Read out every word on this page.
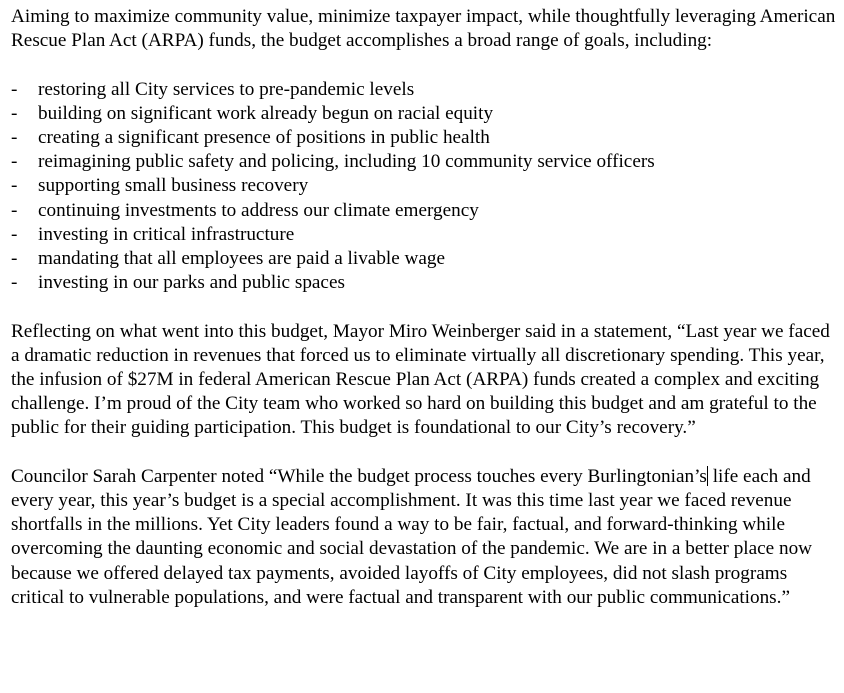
Aiming to maximize community value, minimize taxpayer impact, while thoughtfully leveraging American Rescue Plan Act (ARPA) funds, the budget accomplishes a broad range of goals, including:

- restoring all City services to pre-pandemic levels
- building on significant work already begun on racial equity
- creating a significant presence of positions in public health
- reimagining public safety and policing, including 10 community service officers
- supporting small business recovery
- continuing investments to address our climate emergency
- investing in critical infrastructure
- mandating that all employees are paid a livable wage
- investing in our parks and public spaces

Reflecting on what went into this budget, Mayor Miro Weinberger said in a statement, “Last year we faced a dramatic reduction in revenues that forced us to eliminate virtually all discretionary spending. This year, the infusion of $27M in federal American Rescue Plan Act (ARPA) funds created a complex and exciting challenge. I’m proud of the City team who worked so hard on building this budget and am grateful to the public for their guiding participation. This budget is foundational to our City’s recovery.”

Councilor Sarah Carpenter noted “While the budget process touches every Burlingtonian’s life each and every year, this year’s budget is a special accomplishment. It was this time last year we faced revenue shortfalls in the millions. Yet City leaders found a way to be fair, factual, and forward-thinking while overcoming the daunting economic and social devastation of the pandemic. We are in a better place now because we offered delayed tax payments, avoided layoffs of City employees, did not slash programs critical to vulnerable populations, and were factual and transparent with our public communications.”
